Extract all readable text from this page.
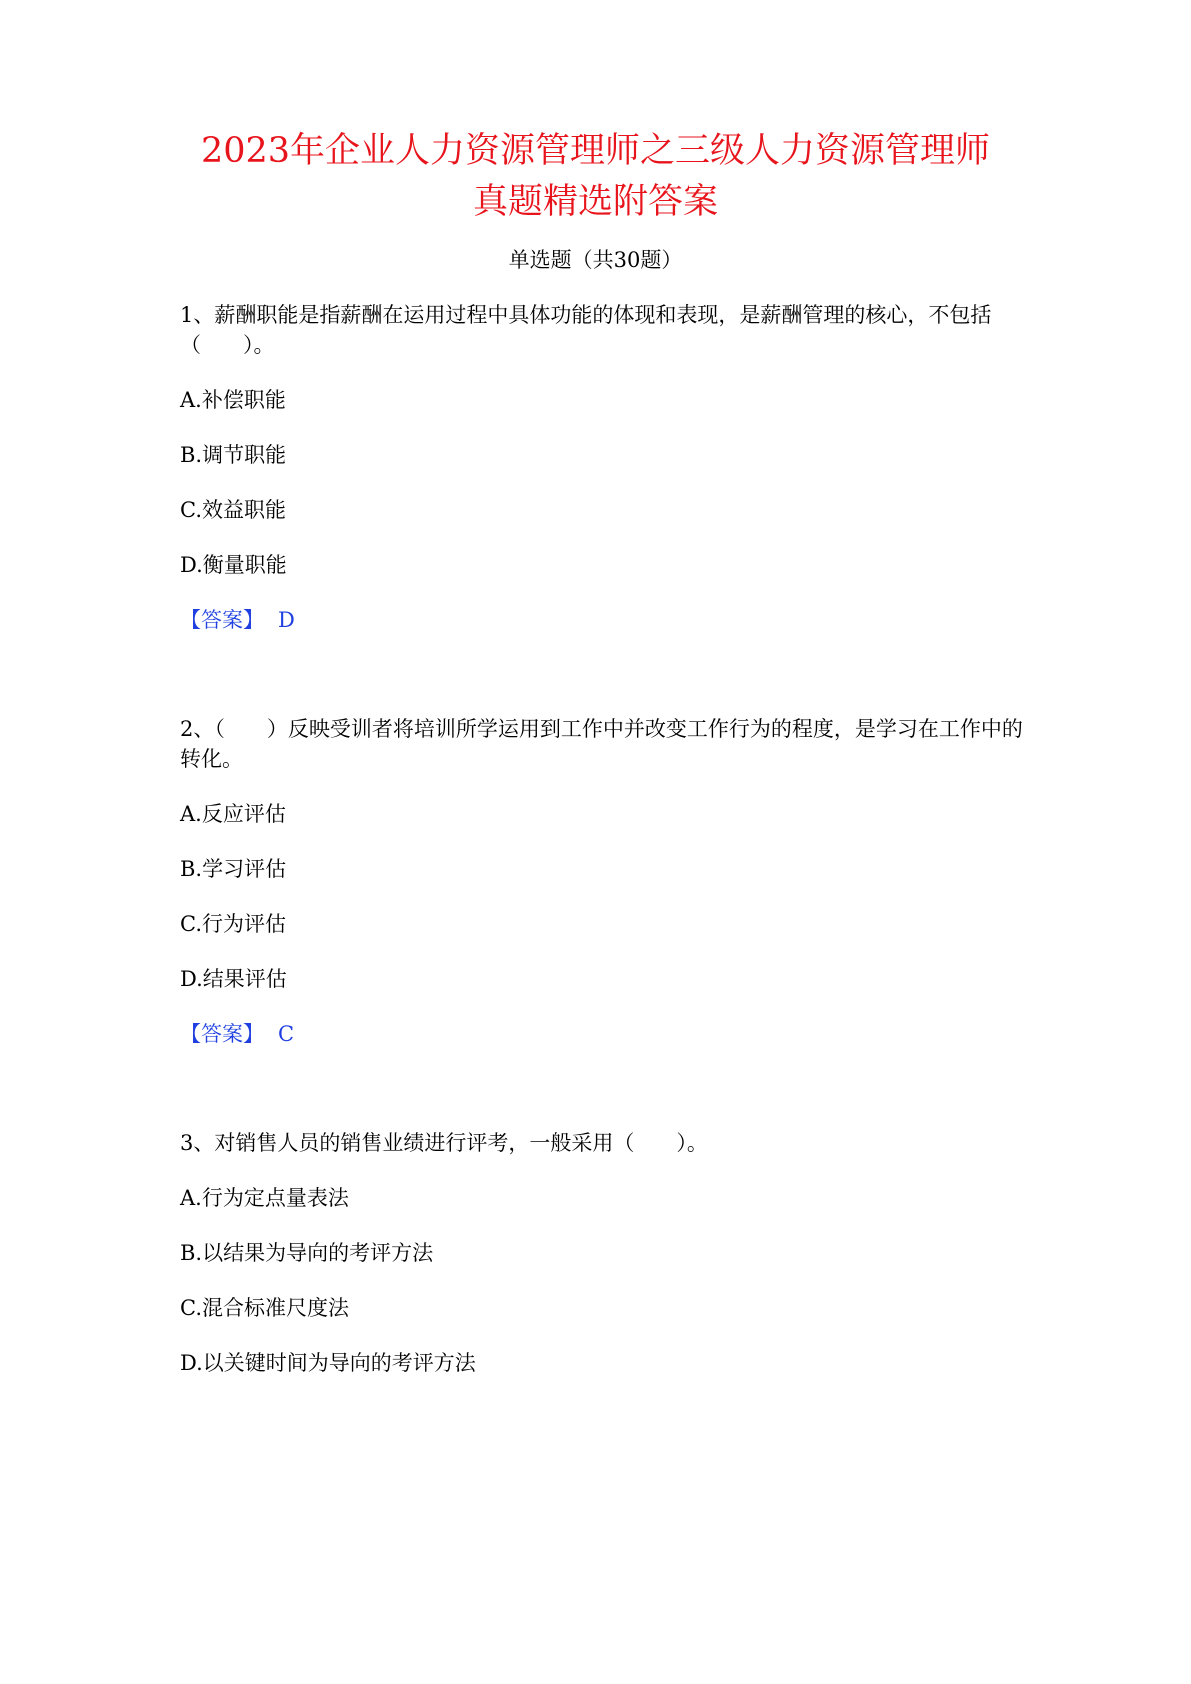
2023年企业人力资源管理师之三级人力资源管理师
真题精选附答案
单选题（共30题）
1、薪酬职能是指薪酬在运用过程中具体功能的体现和表现，是薪酬管理的核心，不包括（　　）。
A.补偿职能
B.调节职能
C.效益职能
D.衡量职能
【答案】 D
2、（　　）反映受训者将培训所学运用到工作中并改变工作行为的程度，是学习在工作中的转化。
A.反应评估
B.学习评估
C.行为评估
D.结果评估
【答案】 C
3、对销售人员的销售业绩进行评考，一般采用（　　）。
A.行为定点量表法
B.以结果为导向的考评方法
C.混合标准尺度法
D.以关键时间为导向的考评方法
